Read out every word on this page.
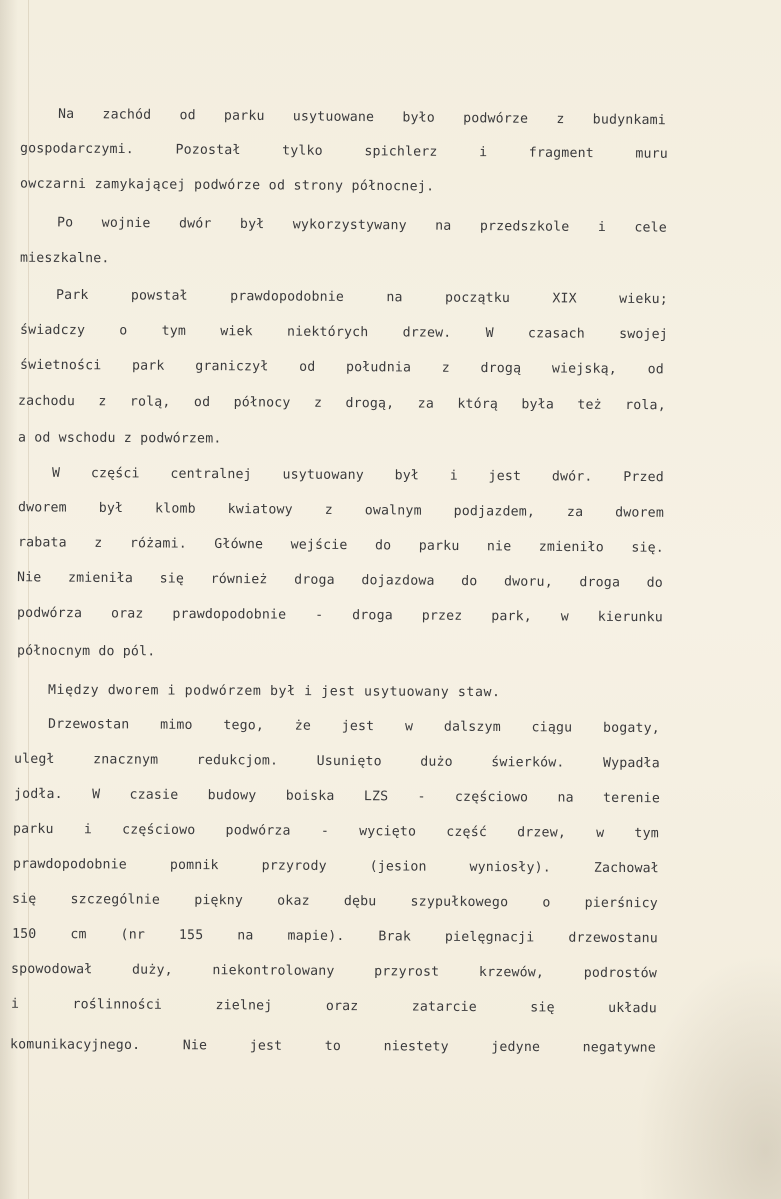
Na zachód od parku usytuowane było podwórze z budynkami
gospodarczymi.	Pozostał	tylko	spichlerz	i	fragment	muru
owczarni zamykającej podwórze od strony północnej.
Po wojnie dwór był wykorzystywany na przedszkole i cele
mieszkalne.
Park	powstał	prawdopodobnie	na	początku	XIX	wieku;
świadczy	o	tym	wiek	niektórych	drzew.	W	czasach	swojej
świetności park graniczył od południa z drogą wiejską, od
zachodu z rolą, od północy z drogą, za którą była też rola,
a od wschodu z podwórzem.
W części centralnej usytuowany był i jest dwór. Przed
dworem był klomb kwiatowy z owalnym podjazdem, za dworem
rabata z różami. Główne wejście do parku nie zmieniło się.
Nie zmieniła się również droga dojazdowa do dworu, droga do
podwórza oraz prawdopodobnie - droga przez park, w kierunku
północnym do pól.
Między dworem i podwórzem był i jest usytuowany staw.
Drzewostan mimo tego, że jest w dalszym ciągu bogaty,
uległ	znacznym	redukcjom.	Usunięto	dużo	świerków.	Wypadła
jodła. W czasie budowy boiska LZS - częściowo na terenie
parku i częściowo podwórza - wycięto część drzew, w tym
prawdopodobnie	pomnik	przyrody	(jesion	wyniosły).	Zachował
się	szczególnie	piękny	okaz	dębu	szypułkowego	o	pierśnicy
150	cm	(nr	155	na	mapie).	Brak	pielęgnacji	drzewostanu
spowodował	duży,	niekontrolowany	przyrost	krzewów,	podrostów
i	roślinności	zielnej	oraz	zatarcie	się	układu
komunikacyjnego.	Nie	jest	to	niestety	jedyne	negatywne
